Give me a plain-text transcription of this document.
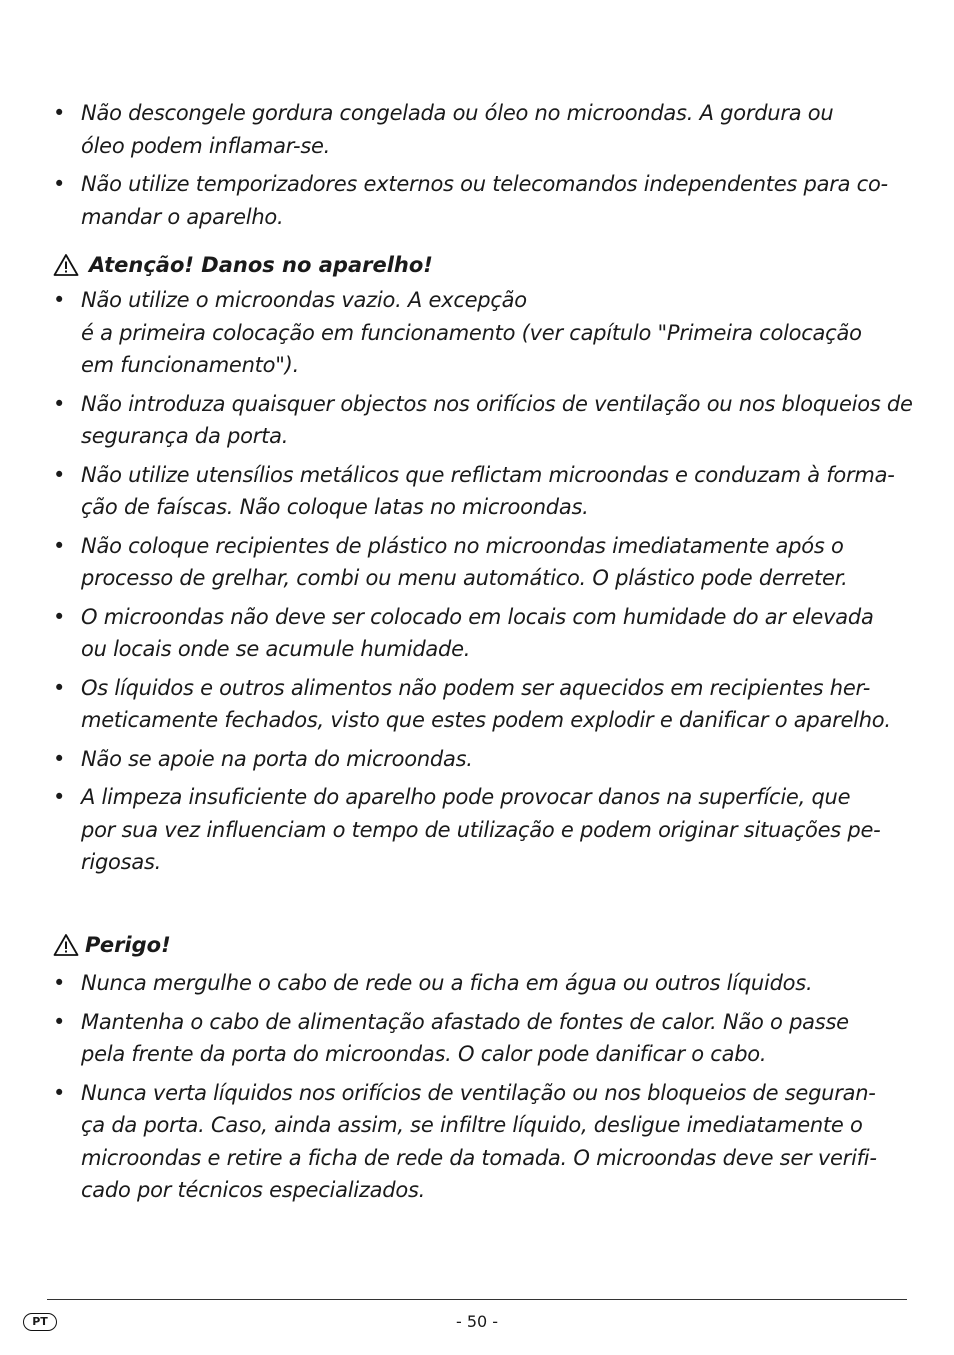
• Não descongele gordura congelada ou óleo no microondas. A gordura ou
óleo podem inflamar-se.
• Não utilize temporizadores externos ou telecomandos independentes para co-
mandar o aparelho.
Atenção! Danos no aparelho!
• Não utilize o microondas vazio. A excepção
é a primeira colocação em funcionamento (ver capítulo "Primeira colocação
em funcionamento").
• Não introduza quaisquer objectos nos orifícios de ventilação ou nos bloqueios de
segurança da porta.
• Não utilize utensílios metálicos que reflictam microondas e conduzam à forma-
ção de faíscas. Não coloque latas no microondas.
• Não coloque recipientes de plástico no microondas imediatamente após o
processo de grelhar, combi ou menu automático. O plástico pode derreter.
• O microondas não deve ser colocado em locais com humidade do ar elevada
ou locais onde se acumule humidade.
• Os líquidos e outros alimentos não podem ser aquecidos em recipientes her-
meticamente fechados, visto que estes podem explodir e danificar o aparelho.
• Não se apoie na porta do microondas.
• A limpeza insuficiente do aparelho pode provocar danos na superfície, que
por sua vez influenciam o tempo de utilização e podem originar situações pe-
rigosas.
Perigo!
• Nunca mergulhe o cabo de rede ou a ficha em água ou outros líquidos.
• Mantenha o cabo de alimentação afastado de fontes de calor. Não o passe
pela frente da porta do microondas. O calor pode danificar o cabo.
• Nunca verta líquidos nos orifícios de ventilação ou nos bloqueios de seguran-
ça da porta. Caso, ainda assim, se infiltre líquido, desligue imediatamente o
microondas e retire a ficha de rede da tomada. O microondas deve ser verifi-
cado por técnicos especializados.
PT	- 50 -
